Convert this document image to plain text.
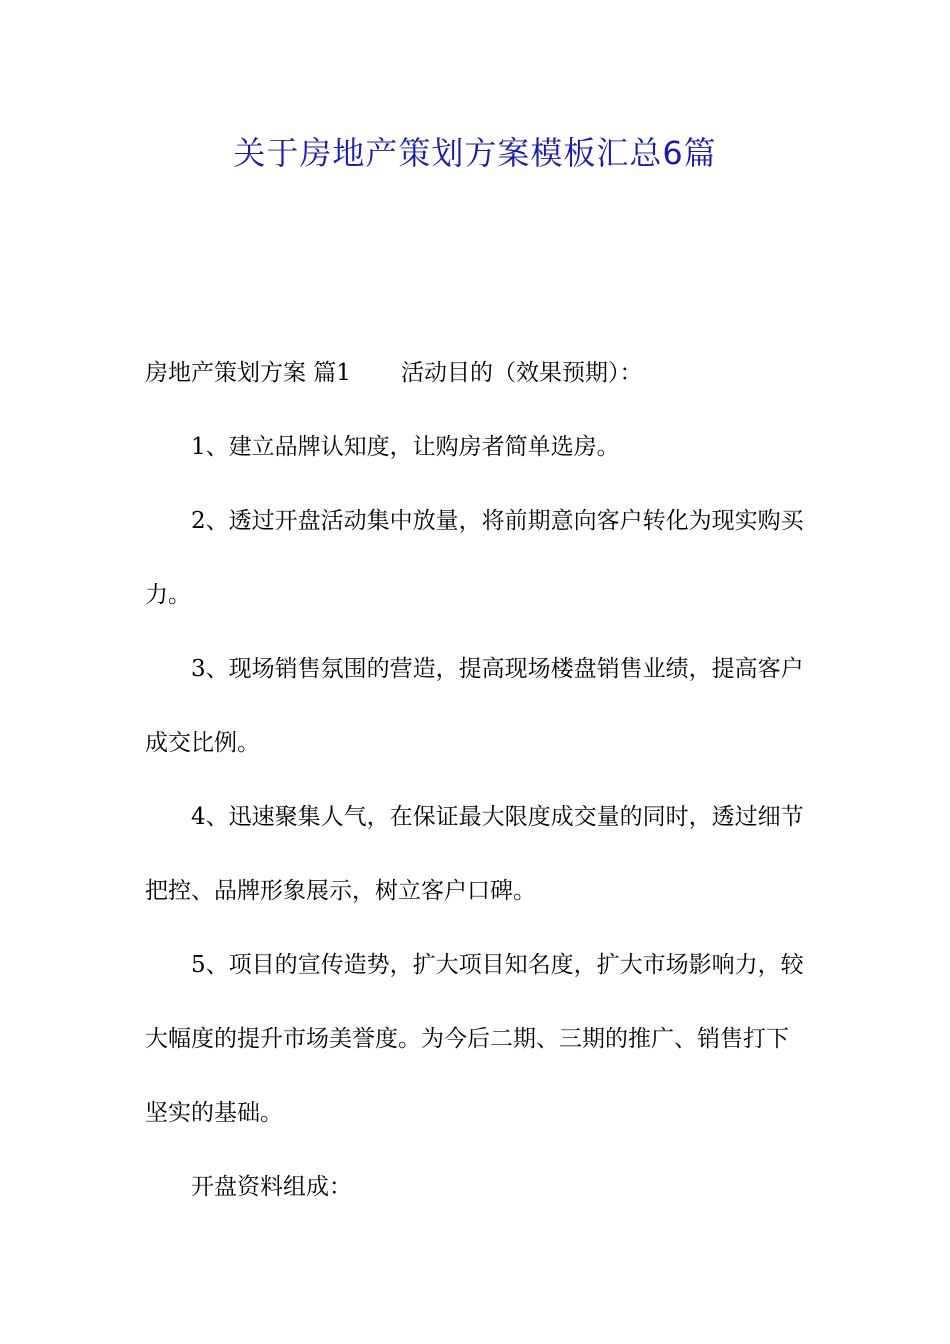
关于房地产策划方案模板汇总6篇

房地产策划方案 篇1 活动目的（效果预期）：

1、建立品牌认知度，让购房者简单选房。

2、透过开盘活动集中放量，将前期意向客户转化为现实购买力。

3、现场销售氛围的营造，提高现场楼盘销售业绩，提高客户成交比例。

4、迅速聚集人气，在保证最大限度成交量的同时，透过细节把控、品牌形象展示，树立客户口碑。

5、项目的宣传造势，扩大项目知名度，扩大市场影响力，较大幅度的提升市场美誉度。为今后二期、三期的推广、销售打下坚实的基础。

开盘资料组成：
